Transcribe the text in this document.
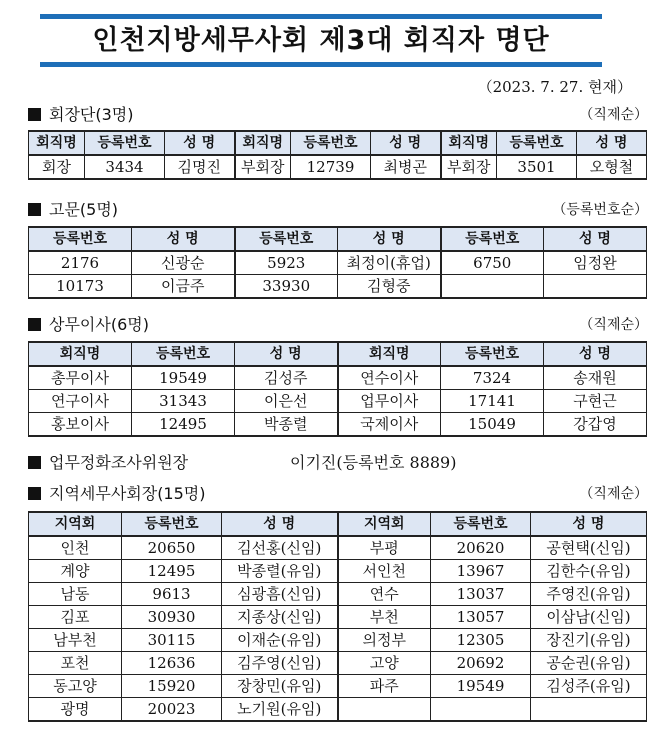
인천지방세무사회 제3대 회직자 명단
（2023. 7. 27. 현재）
회장단(3명)	（직제순）
회직명	등록번호	성 명	회직명	등록번호	성 명	회직명	등록번호	성 명
회장	3434	김명진	부회장	12739	최병곤	부회장	3501	오형철
고문(5명)	（등록번호순）
등록번호	성 명	등록번호	성 명	등록번호	성 명
2176	신광순	5923	최정이(휴업)	6750	임정완
10173	이금주	33930	김형중		
상무이사(6명)	（직제순）
회직명	등록번호	성 명	회직명	등록번호	성 명
총무이사	19549	김성주	연수이사	7324	송재원
연구이사	31343	이은선	업무이사	17141	구현근
홍보이사	12495	박종렬	국제이사	15049	강갑영
업무정화조사위원장	이기진(등록번호 8889)
지역세무사회장(15명)	（직제순）
지역회	등록번호	성 명	지역회	등록번호	성 명
인천	20650	김선홍(신임)	부평	20620	공현택(신임)
계양	12495	박종렬(유임)	서인천	13967	김한수(유임)
남동	9613	심광흠(신임)	연수	13037	주영진(유임)
김포	30930	지종상(신임)	부천	13057	이삼남(신임)
남부천	30115	이재순(유임)	의정부	12305	장진기(유임)
포천	12636	김주영(신임)	고양	20692	공순권(유임)
동고양	15920	장창민(유임)	파주	19549	김성주(유임)
광명	20023	노기원(유임)			
